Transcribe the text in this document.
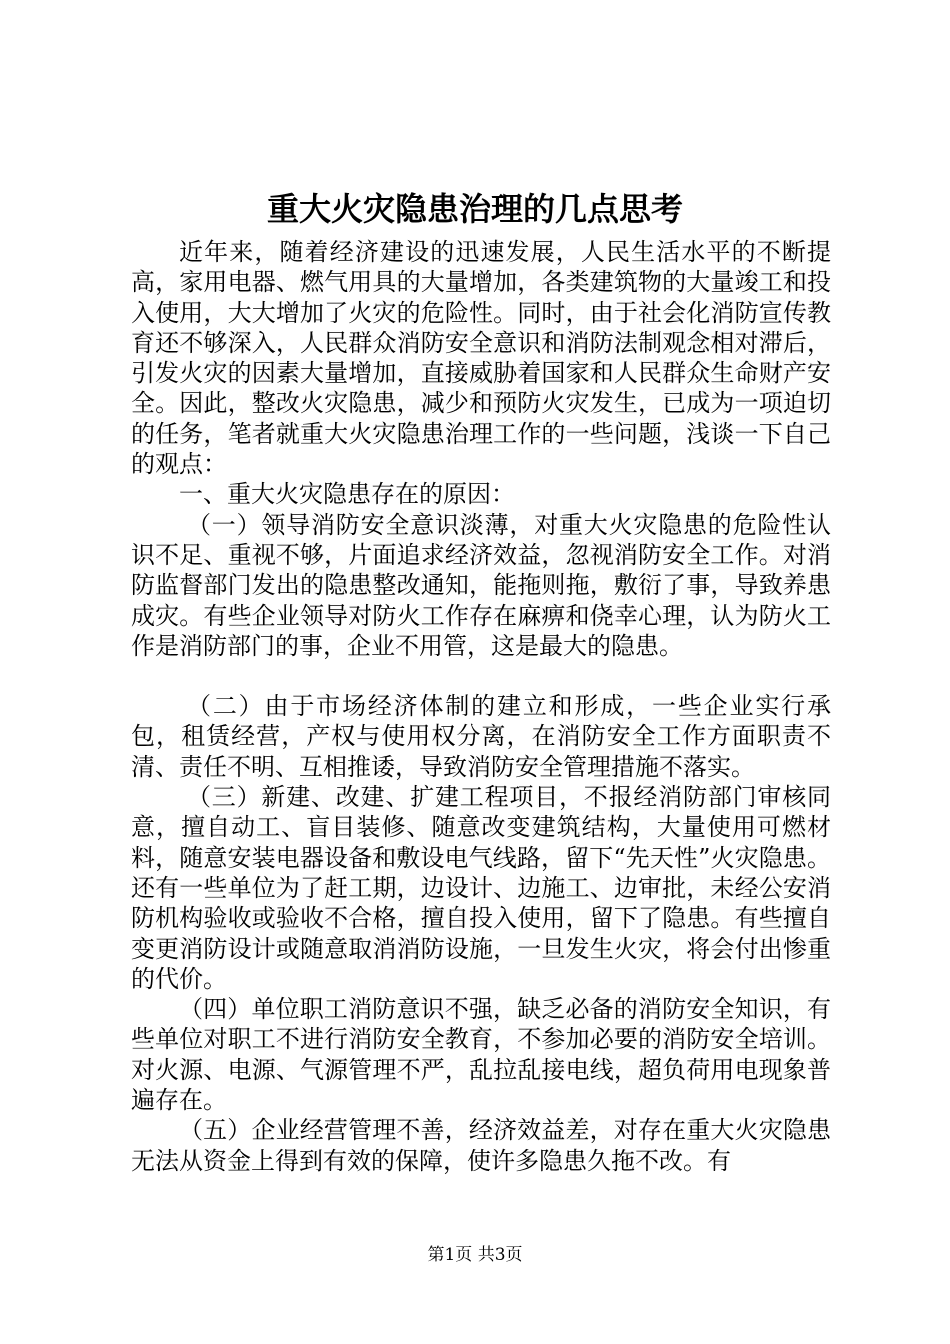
重大火灾隐患治理的几点思考

近年来，随着经济建设的迅速发展，人民生活水平的不断提高，家用电器、燃气用具的大量增加，各类建筑物的大量竣工和投入使用，大大增加了火灾的危险性。同时，由于社会化消防宣传教育还不够深入，人民群众消防安全意识和消防法制观念相对滞后，引发火灾的因素大量增加，直接威胁着国家和人民群众生命财产安全。因此，整改火灾隐患，减少和预防火灾发生，已成为一项迫切的任务，笔者就重大火灾隐患治理工作的一些问题，浅谈一下自己的观点：

一、重大火灾隐患存在的原因：

（一）领导消防安全意识淡薄，对重大火灾隐患的危险性认识不足、重视不够，片面追求经济效益，忽视消防安全工作。对消防监督部门发出的隐患整改通知，能拖则拖，敷衍了事，导致养患成灾。有些企业领导对防火工作存在麻痹和侥幸心理，认为防火工作是消防部门的事，企业不用管，这是最大的隐患。

（二）由于市场经济体制的建立和形成，一些企业实行承包，租赁经营，产权与使用权分离，在消防安全工作方面职责不清、责任不明、互相推诿，导致消防安全管理措施不落实。

（三）新建、改建、扩建工程项目，不报经消防部门审核同意，擅自动工、盲目装修、随意改变建筑结构，大量使用可燃材料，随意安装电器设备和敷设电气线路，留下“先天性”火灾隐患。还有一些单位为了赶工期，边设计、边施工、边审批，未经公安消防机构验收或验收不合格，擅自投入使用，留下了隐患。有些擅自变更消防设计或随意取消消防设施，一旦发生火灾，将会付出惨重的代价。

（四）单位职工消防意识不强，缺乏必备的消防安全知识，有些单位对职工不进行消防安全教育，不参加必要的消防安全培训。对火源、电源、气源管理不严，乱拉乱接电线，超负荷用电现象普遍存在。

（五）企业经营管理不善，经济效益差，对存在重大火灾隐患无法从资金上得到有效的保障，使许多隐患久拖不改。有

第1页 共3页
